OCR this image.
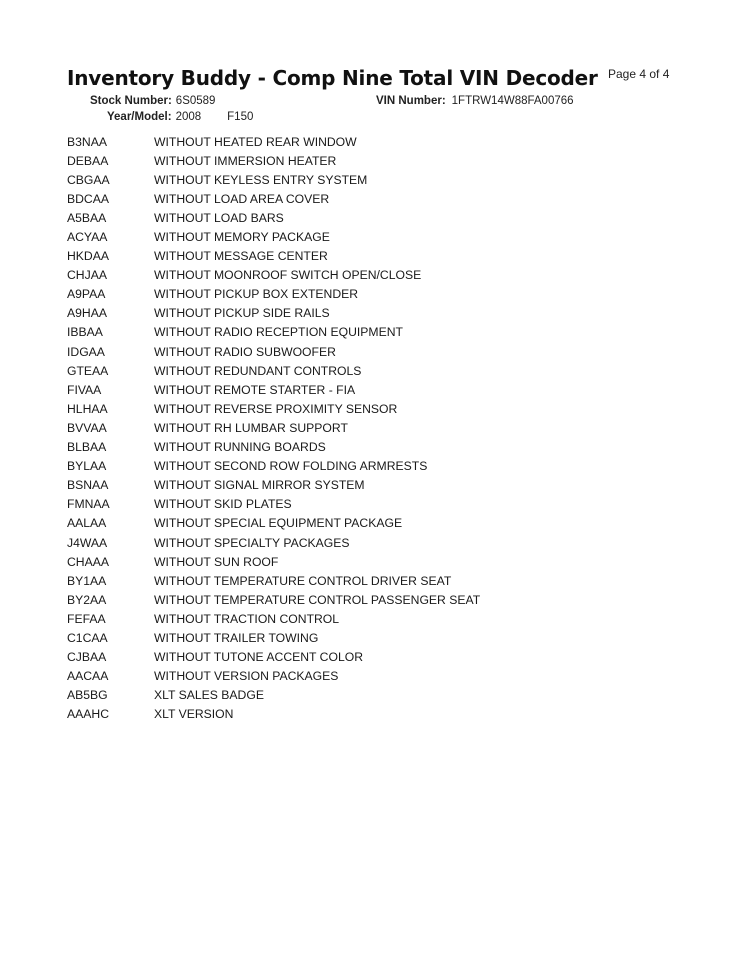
Inventory Buddy - Comp Nine Total VIN Decoder Page 4 of 4
Stock Number: 6S0589	VIN Number: 1FTRW14W88FA00766
Year/Model: 2008 F150
B3NAA	WITHOUT HEATED REAR WINDOW
DEBAA	WITHOUT IMMERSION HEATER
CBGAA	WITHOUT KEYLESS ENTRY SYSTEM
BDCAA	WITHOUT LOAD AREA COVER
A5BAA	WITHOUT LOAD BARS
ACYAA	WITHOUT MEMORY PACKAGE
HKDAA	WITHOUT MESSAGE CENTER
CHJAA	WITHOUT MOONROOF SWITCH OPEN/CLOSE
A9PAA	WITHOUT PICKUP BOX EXTENDER
A9HAA	WITHOUT PICKUP SIDE RAILS
IBBAA	WITHOUT RADIO RECEPTION EQUIPMENT
IDGAA	WITHOUT RADIO SUBWOOFER
GTEAA	WITHOUT REDUNDANT CONTROLS
FIVAA	WITHOUT REMOTE STARTER - FIA
HLHAA	WITHOUT REVERSE PROXIMITY SENSOR
BVVAA	WITHOUT RH LUMBAR SUPPORT
BLBAA	WITHOUT RUNNING BOARDS
BYLAA	WITHOUT SECOND ROW FOLDING ARMRESTS
BSNAA	WITHOUT SIGNAL MIRROR SYSTEM
FMNAA	WITHOUT SKID PLATES
AALAA	WITHOUT SPECIAL EQUIPMENT PACKAGE
J4WAA	WITHOUT SPECIALTY PACKAGES
CHAAA	WITHOUT SUN ROOF
BY1AA	WITHOUT TEMPERATURE CONTROL DRIVER SEAT
BY2AA	WITHOUT TEMPERATURE CONTROL PASSENGER SEAT
FEFAA	WITHOUT TRACTION CONTROL
C1CAA	WITHOUT TRAILER TOWING
CJBAA	WITHOUT TUTONE ACCENT COLOR
AACAA	WITHOUT VERSION PACKAGES
AB5BG	XLT SALES BADGE
AAAHC	XLT VERSION
